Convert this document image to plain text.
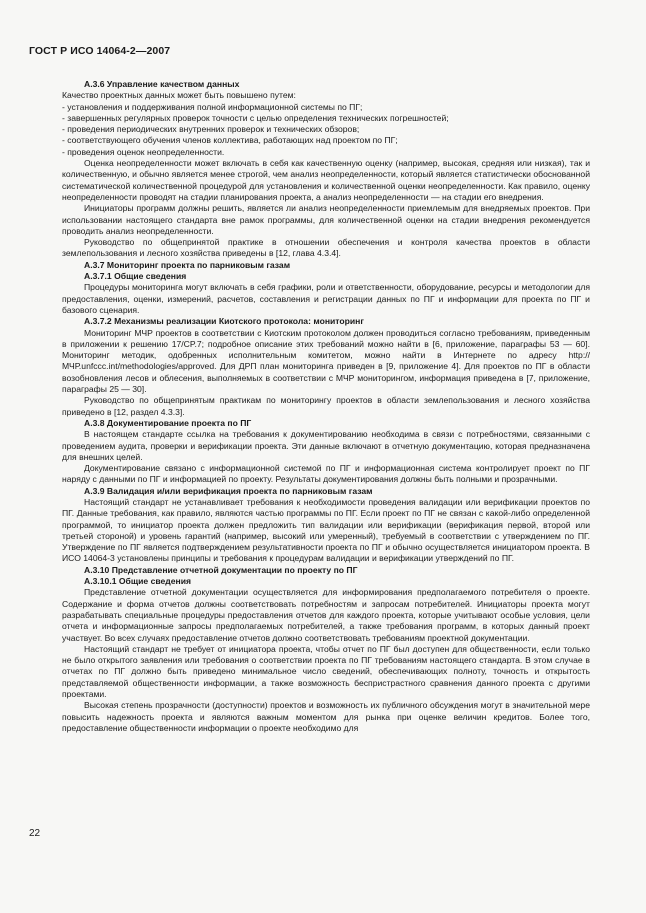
ГОСТ Р ИСО 14064-2—2007

А.3.6 Управление качеством данных

Качество проектных данных может быть повышено путем:

- установления и поддерживания полной информационной системы по ПГ;

- завершенных регулярных проверок точности с целью определения технических погрешностей;

- проведения периодических внутренних проверок и технических обзоров;

- соответствующего обучения членов коллектива, работающих над проектом по ПГ;

- проведения оценок неопределенности.

Оценка неопределенности может включать в себя как качественную оценку (например, высокая, средняя или низкая), так и количественную, и обычно является менее строгой, чем анализ неопределенности, который является статистически обоснованной систематической количественной процедурой для установления и количественной оценки неопределенности. Как правило, оценку неопределенности проводят на стадии планирования проекта, а анализ неопределенности — на стадии его внедрения.

Инициаторы программ должны решить, является ли анализ неопределенности приемлемым для внедряемых проектов. При использовании настоящего стандарта вне рамок программы, для количественной оценки на стадии внедрения рекомендуется проводить анализ неопределенности.

Руководство по общепринятой практике в отношении обеспечения и контроля качества проектов в области землепользования и лесного хозяйства приведены в [12, глава 4.3.4].

А.3.7 Мониторинг проекта по парниковым газам

А.3.7.1 Общие сведения

Процедуры мониторинга могут включать в себя графики, роли и ответственности, оборудование, ресурсы и методологии для предоставления, оценки, измерений, расчетов, составления и регистрации данных по ПГ и информации для проекта по ПГ и базового сценария.

А.3.7.2 Механизмы реализации Киотского протокола: мониторинг

Мониторинг МЧР проектов в соответствии с Киотским протоколом должен проводиться согласно требованиям, приведенным в приложении к решению 17/CP.7; подробное описание этих требований можно найти в [6, приложение, параграфы 53 — 60]. Мониторинг методик, одобренных исполнительным комитетом, можно найти в Интернете по адресу http://МЧР.unfccc.int/methodologies/approved. Для ДРП план мониторинга приведен в [9, приложение 4]. Для проектов по ПГ в области возобновления лесов и облесения, выполняемых в соответствии с МЧР мониторингом, информация приведена в [7, приложение, параграфы 25 — 30].

Руководство по общепринятым практикам по мониторингу проектов в области землепользования и лесного хозяйства приведено в [12, раздел 4.3.3].

А.3.8 Документирование проекта по ПГ

В настоящем стандарте ссылка на требования к документированию необходима в связи с потребностями, связанными с проведением аудита, проверки и верификации проекта. Эти данные включают в отчетную документацию, которая предназначена для внешних целей.

Документирование связано с информационной системой по ПГ и информационная система контролирует проект по ПГ наряду с данными по ПГ и информацией по проекту. Результаты документирования должны быть полными и прозрачными.

А.3.9 Валидация и/или верификация проекта по парниковым газам

Настоящий стандарт не устанавливает требования к необходимости проведения валидации или верификации проектов по ПГ. Данные требования, как правило, являются частью программы по ПГ. Если проект по ПГ не связан с какой-либо определенной программой, то инициатор проекта должен предложить тип валидации или верификации (верификация первой, второй или третьей стороной) и уровень гарантий (например, высокий или умеренный), требуемый в соответствии с утверждением по ПГ. Утверждение по ПГ является подтверждением результативности проекта по ПГ и обычно осуществляется инициатором проекта. В ИСО 14064-3 установлены принципы и требования к процедурам валидации и верификации утверждений по ПГ.

А.3.10 Представление отчетной документации по проекту по ПГ

А.3.10.1 Общие сведения

Представление отчетной документации осуществляется для информирования предполагаемого потребителя о проекте. Содержание и форма отчетов должны соответствовать потребностям и запросам потребителей. Инициаторы проекта могут разрабатывать специальные процедуры предоставления отчетов для каждого проекта, которые учитывают особые условия, цели отчета и информационные запросы предполагаемых потребителей, а также требования программ, в которых данный проект участвует. Во всех случаях предоставление отчетов должно соответствовать требованиям проектной документации.

Настоящий стандарт не требует от инициатора проекта, чтобы отчет по ПГ был доступен для общественности, если только не было открытого заявления или требования о соответствии проекта по ПГ требованиям настоящего стандарта. В этом случае в отчетах по ПГ должно быть приведено минимальное число сведений, обеспечивающих полноту, точность и открытость представляемой общественности информации, а также возможность беспристрастного сравнения данного проекта с другими проектами.

Высокая степень прозрачности (доступности) проектов и возможность их публичного обсуждения могут в значительной мере повысить надежность проекта и являются важным моментом для рынка при оценке величин кредитов. Более того, предоставление общественности информации о проекте необходимо для

22
